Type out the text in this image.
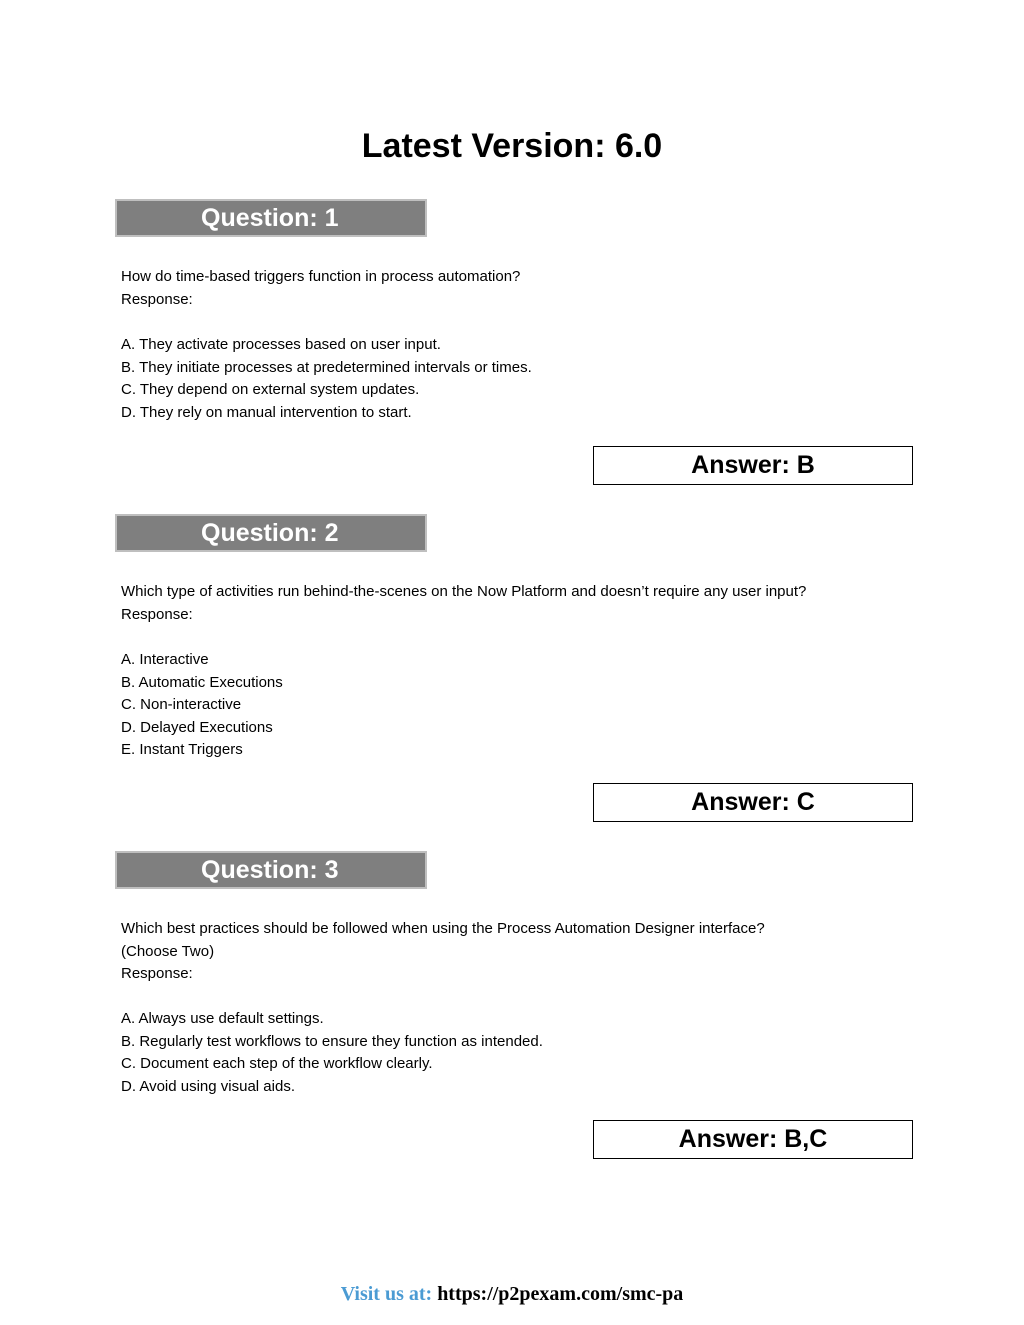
Latest Version: 6.0
Question: 1
How do time-based triggers function in process automation?
Response:
A. They activate processes based on user input.
B. They initiate processes at predetermined intervals or times.
C. They depend on external system updates.
D. They rely on manual intervention to start.
Answer: B
Question: 2
Which type of activities run behind-the-scenes on the Now Platform and doesn’t require any user input?
Response:
A. Interactive
B. Automatic Executions
C. Non-interactive
D. Delayed Executions
E. Instant Triggers
Answer: C
Question: 3
Which best practices should be followed when using the Process Automation Designer interface?
(Choose Two)
Response:
A. Always use default settings.
B. Regularly test workflows to ensure they function as intended.
C. Document each step of the workflow clearly.
D. Avoid using visual aids.
Answer: B,C
Visit us at: https://p2pexam.com/smc-pa
